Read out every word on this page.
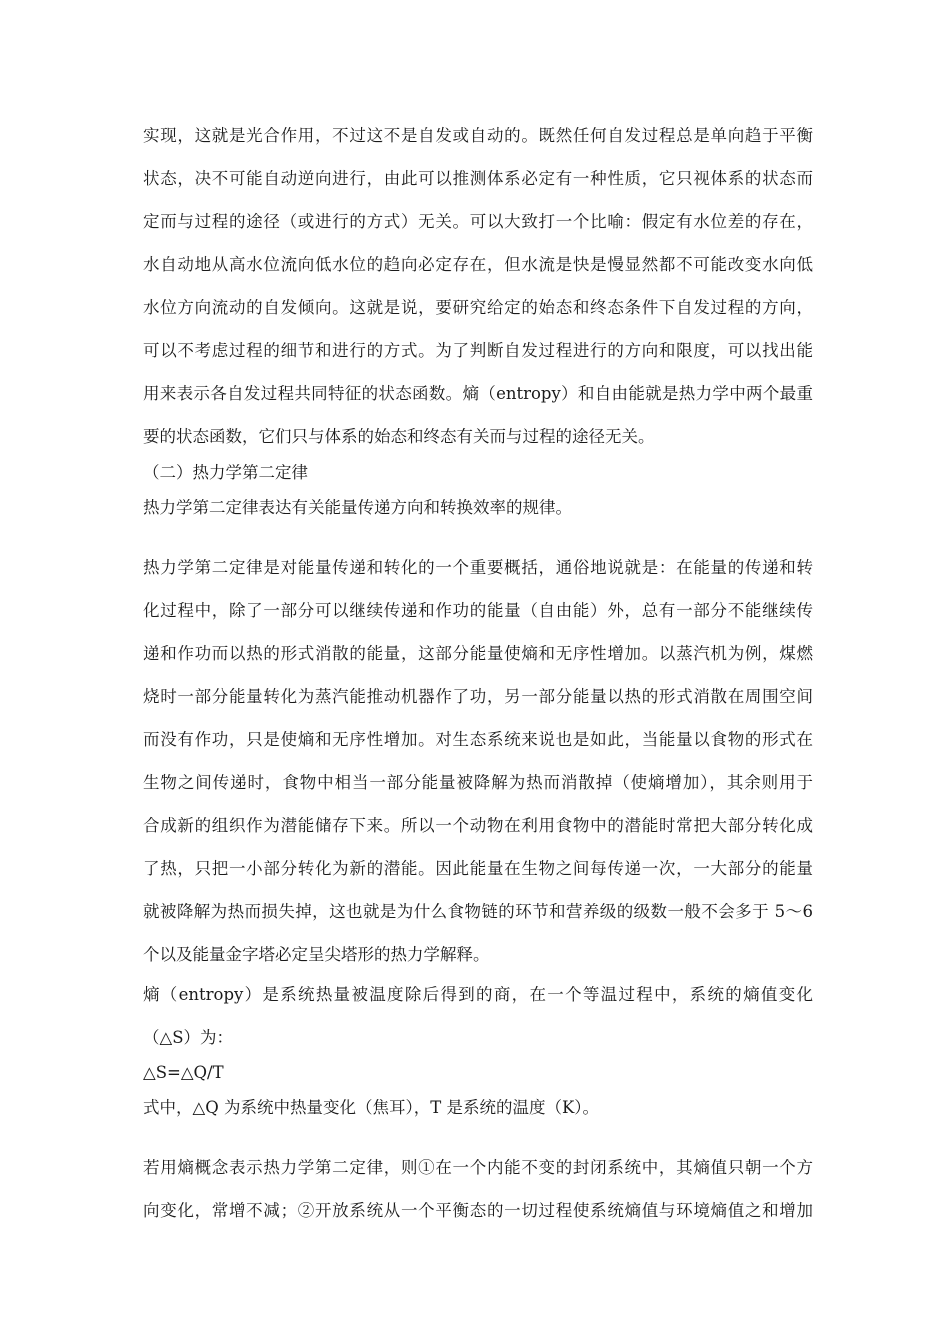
实现，这就是光合作用，不过这不是自发或自动的。既然任何自发过程总是单向趋于平衡
状态，决不可能自动逆向进行，由此可以推测体系必定有一种性质，它只视体系的状态而
定而与过程的途径（或进行的方式）无关。可以大致打一个比喻：假定有水位差的存在，
水自动地从高水位流向低水位的趋向必定存在，但水流是快是慢显然都不可能改变水向低
水位方向流动的自发倾向。这就是说，要研究给定的始态和终态条件下自发过程的方向，
可以不考虑过程的细节和进行的方式。为了判断自发过程进行的方向和限度，可以找出能
用来表示各自发过程共同特征的状态函数。熵（entropy）和自由能就是热力学中两个最重
要的状态函数，它们只与体系的始态和终态有关而与过程的途径无关。
（二）热力学第二定律
热力学第二定律表达有关能量传递方向和转换效率的规律。
热力学第二定律是对能量传递和转化的一个重要概括，通俗地说就是：在能量的传递和转
化过程中，除了一部分可以继续传递和作功的能量（自由能）外，总有一部分不能继续传
递和作功而以热的形式消散的能量，这部分能量使熵和无序性增加。以蒸汽机为例，煤燃
烧时一部分能量转化为蒸汽能推动机器作了功，另一部分能量以热的形式消散在周围空间
而没有作功，只是使熵和无序性增加。对生态系统来说也是如此，当能量以食物的形式在
生物之间传递时，食物中相当一部分能量被降解为热而消散掉（使熵增加），其余则用于
合成新的组织作为潜能储存下来。所以一个动物在利用食物中的潜能时常把大部分转化成
了热，只把一小部分转化为新的潜能。因此能量在生物之间每传递一次，一大部分的能量
就被降解为热而损失掉，这也就是为什么食物链的环节和营养级的级数一般不会多于 5～6
个以及能量金字塔必定呈尖塔形的热力学解释。
熵（entropy）是系统热量被温度除后得到的商，在一个等温过程中，系统的熵值变化
（△S）为：
△S=△Q/T
式中，△Q 为系统中热量变化（焦耳），T 是系统的温度（K）。
若用熵概念表示热力学第二定律，则①在一个内能不变的封闭系统中，其熵值只朝一个方
向变化，常增不减；②开放系统从一个平衡态的一切过程使系统熵值与环境熵值之和增加
